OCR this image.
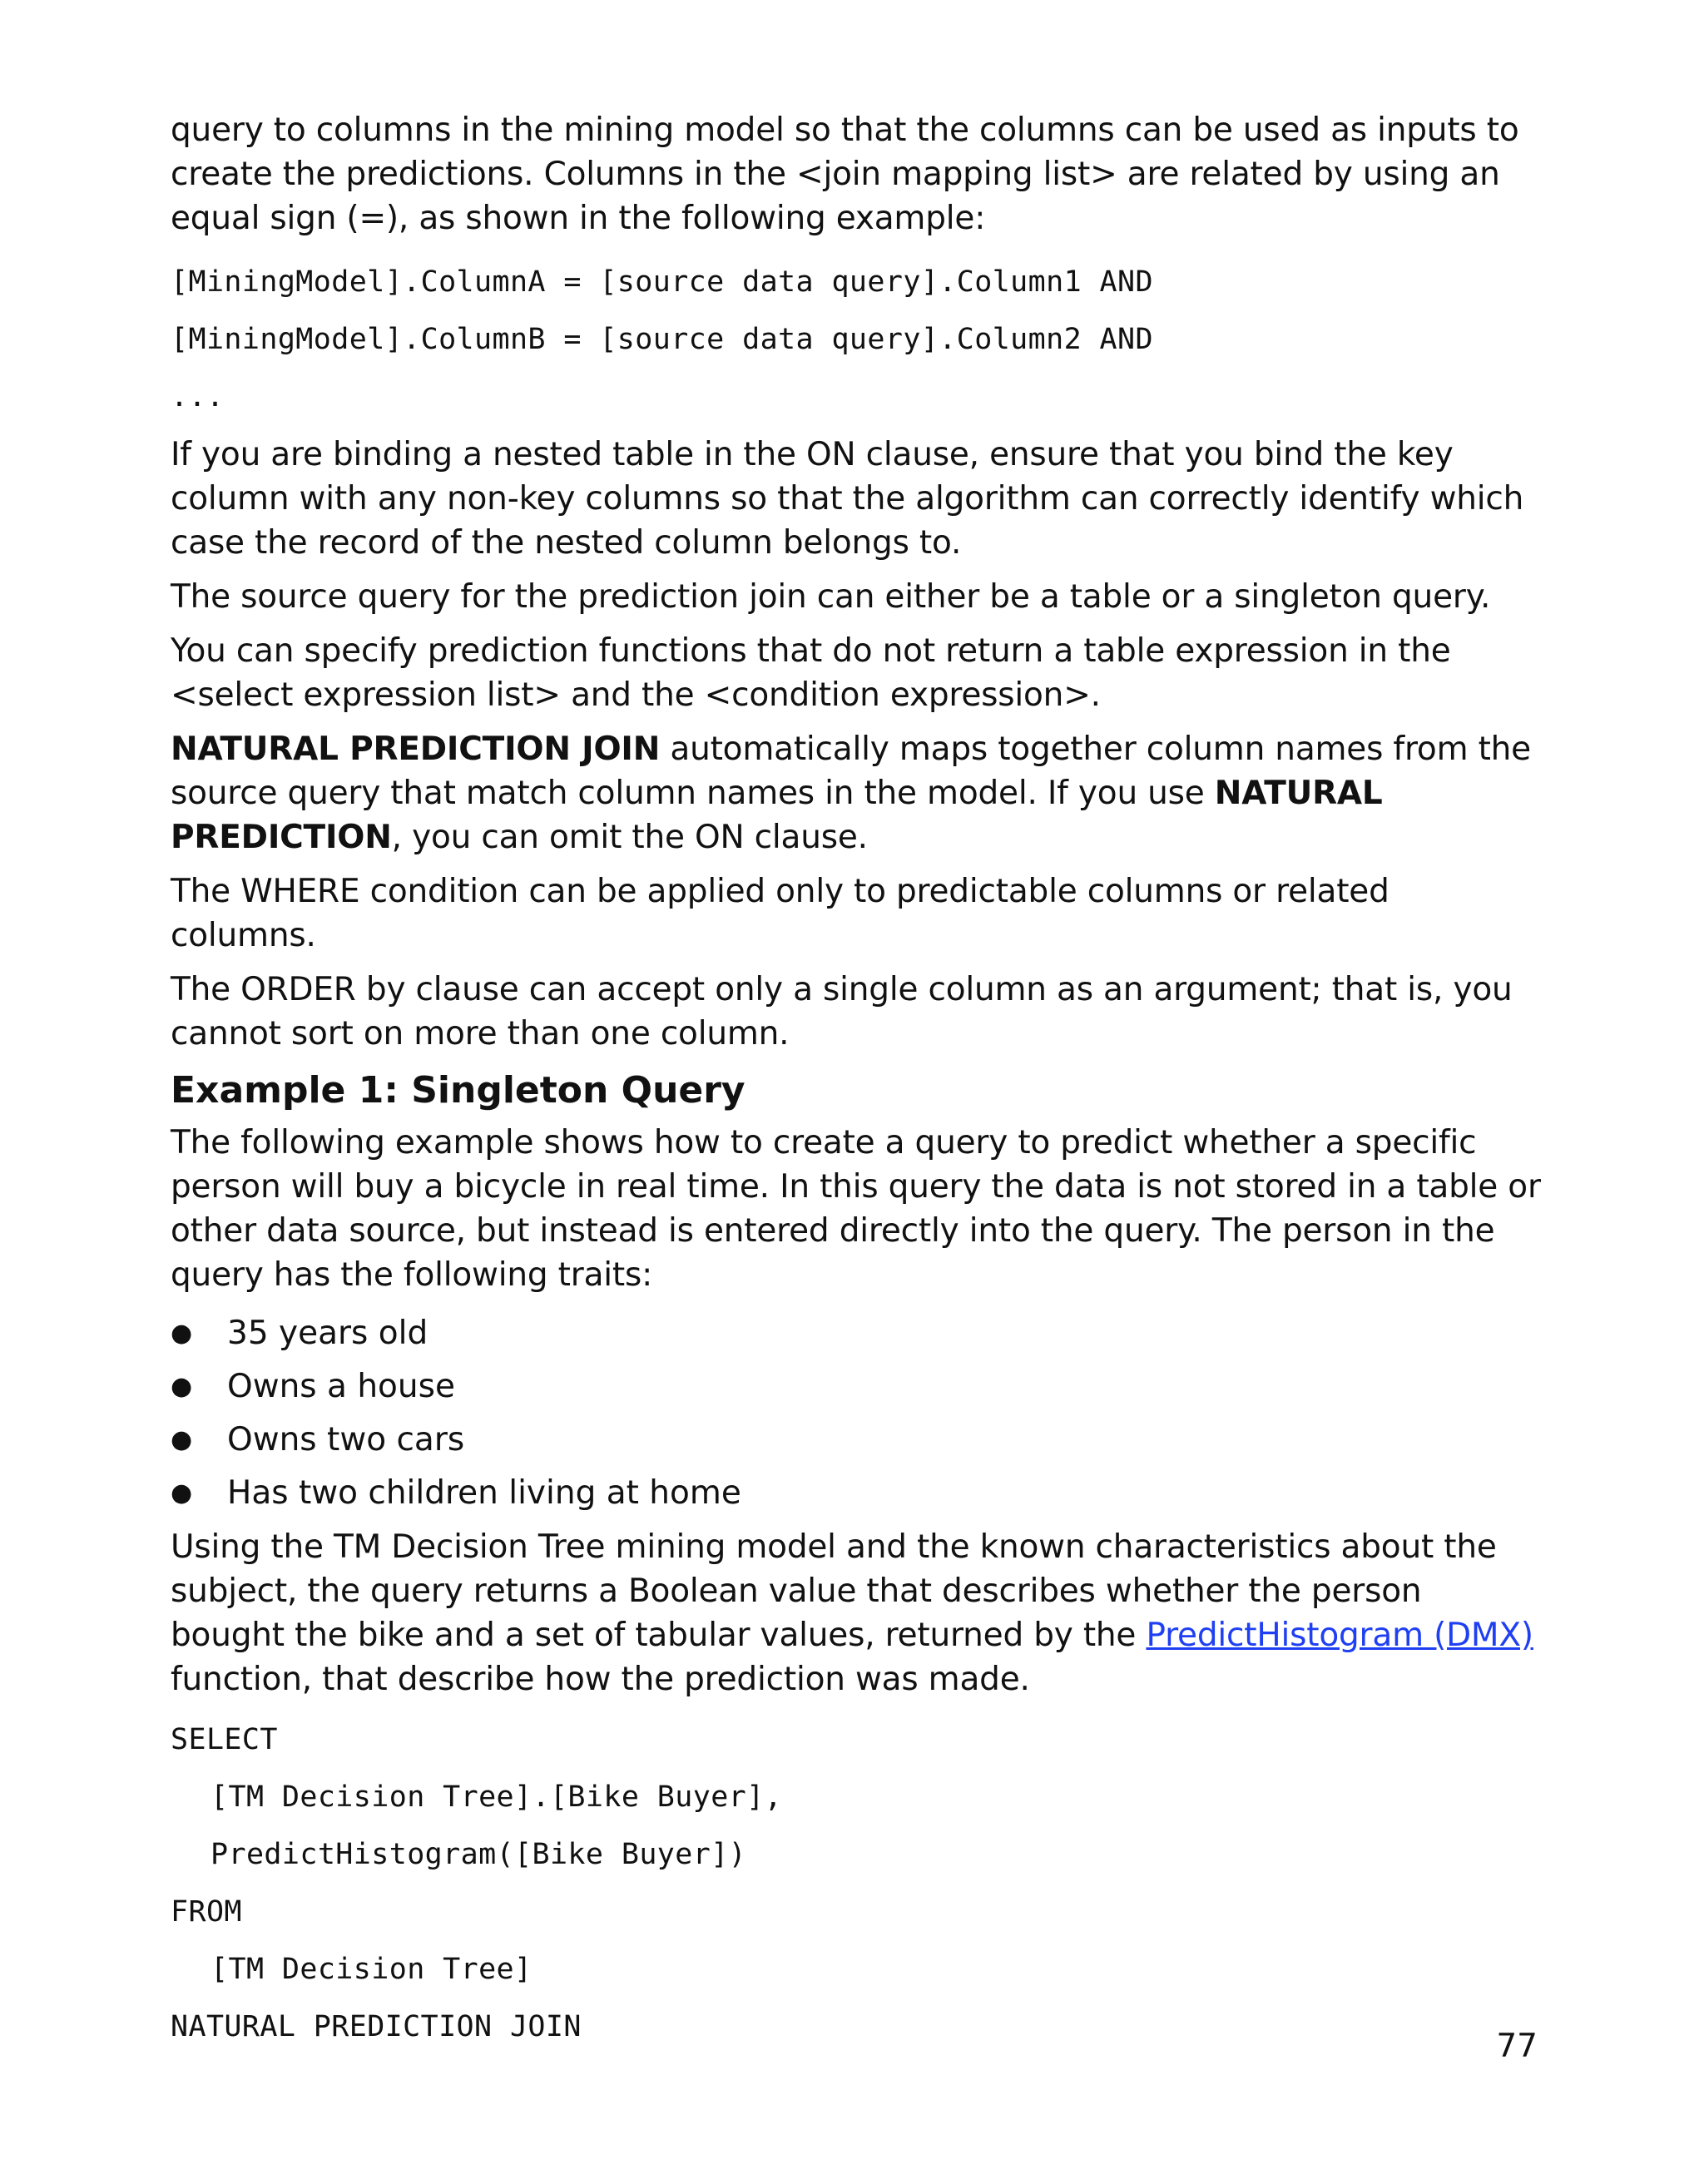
query to columns in the mining model so that the columns can be used as inputs to create the predictions. Columns in the <join mapping list> are related by using an equal sign (=), as shown in the following example:

[MiningModel].ColumnA = [source data query].Column1 AND
[MiningModel].ColumnB = [source data query].Column2 AND
...

If you are binding a nested table in the ON clause, ensure that you bind the key column with any non-key columns so that the algorithm can correctly identify which case the record of the nested column belongs to.

The source query for the prediction join can either be a table or a singleton query.

You can specify prediction functions that do not return a table expression in the <select expression list> and the <condition expression>.

NATURAL PREDICTION JOIN automatically maps together column names from the source query that match column names in the model. If you use NATURAL PREDICTION, you can omit the ON clause.

The WHERE condition can be applied only to predictable columns or related columns.

The ORDER by clause can accept only a single column as an argument; that is, you cannot sort on more than one column.

Example 1: Singleton Query

The following example shows how to create a query to predict whether a specific person will buy a bicycle in real time. In this query the data is not stored in a table or other data source, but instead is entered directly into the query. The person in the query has the following traits:

●	35 years old
●	Owns a house
●	Owns two cars
●	Has two children living at home

Using the TM Decision Tree mining model and the known characteristics about the subject, the query returns a Boolean value that describes whether the person bought the bike and a set of tabular values, returned by the PredictHistogram (DMX) function, that describe how the prediction was made.

SELECT
[TM Decision Tree].[Bike Buyer],
PredictHistogram([Bike Buyer])
FROM
[TM Decision Tree]
NATURAL PREDICTION JOIN
77
